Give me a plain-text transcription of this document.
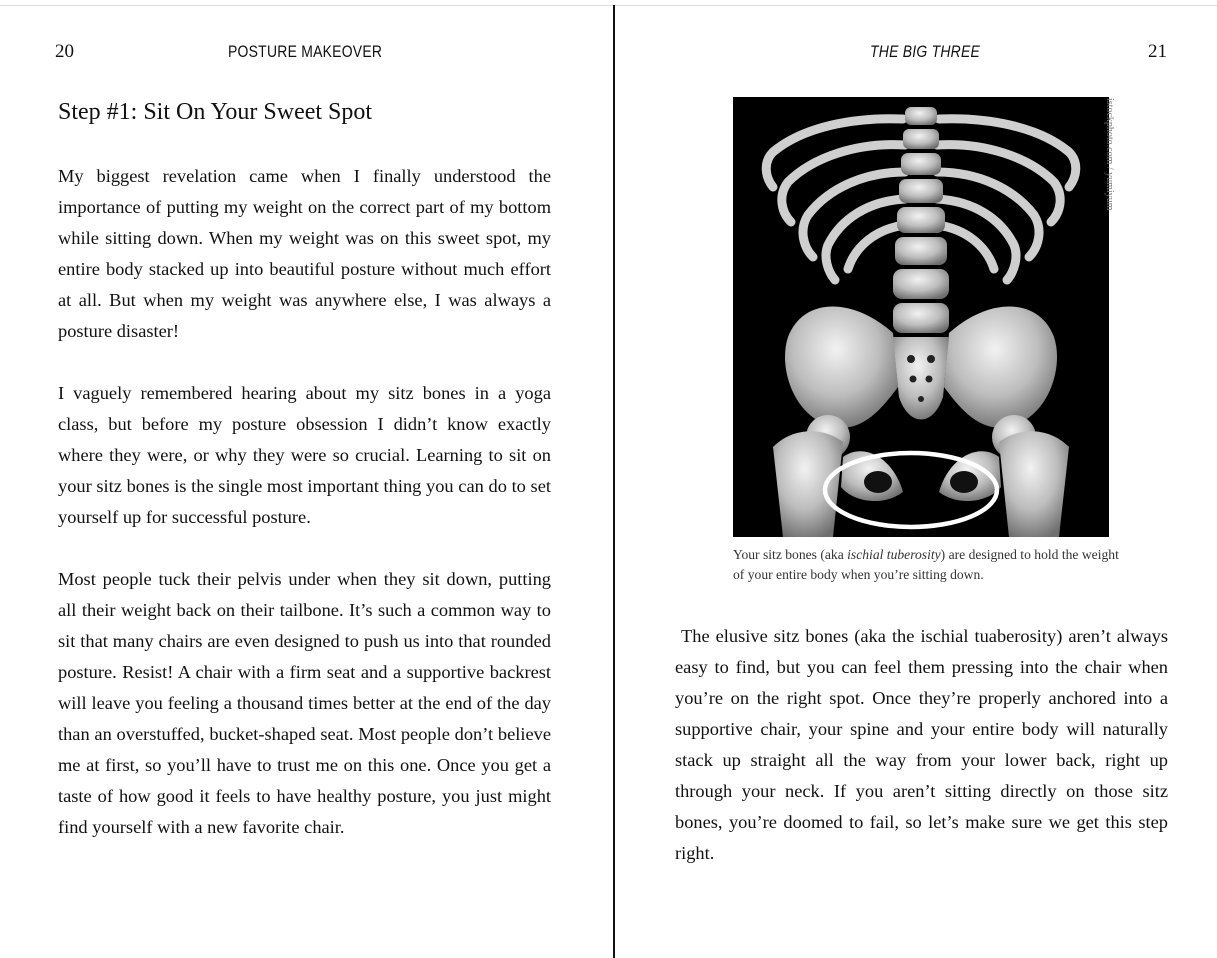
20	POSTURE MAKEOVER
Step #1: Sit On Your Sweet Spot

My biggest revelation came when I finally understood the importance of putting my weight on the correct part of my bottom while sitting down. When my weight was on this sweet spot, my entire body stacked up into beautiful posture without much effort at all. But when my weight was anywhere else, I was always a posture disaster!

I vaguely remembered hearing about my sitz bones in a yoga class, but before my posture obsession I didn’t know exactly where they were, or why they were so crucial. Learning to sit on your sitz bones is the single most important thing you can do to set yourself up for successful posture.

Most people tuck their pelvis under when they sit down, putting all their weight back on their tailbone. It’s such a common way to sit that many chairs are even designed to push us into that rounded posture. Resist! A chair with a firm seat and a supportive backrest will leave you feeling a thousand times better at the end of the day than an overstuffed, bucket-shaped seat. Most people don’t believe me at first, so you’ll have to trust me on this one. Once you get a taste of how good it feels to have healthy posture, you just might find yourself with a new favorite chair.

THE BIG THREE	21
istockphoto.com / yumiyum
Your sitz bones (aka ischial tuberosity) are designed to hold the weight of your entire body when you’re sitting down.

The elusive sitz bones (aka the ischial tuaberosity) aren’t always easy to find, but you can feel them pressing into the chair when you’re on the right spot. Once they’re properly anchored into a supportive chair, your spine and your entire body will naturally stack up straight all the way from your lower back, right up through your neck. If you aren’t sitting directly on those sitz bones, you’re doomed to fail, so let’s make sure we get this step right.
